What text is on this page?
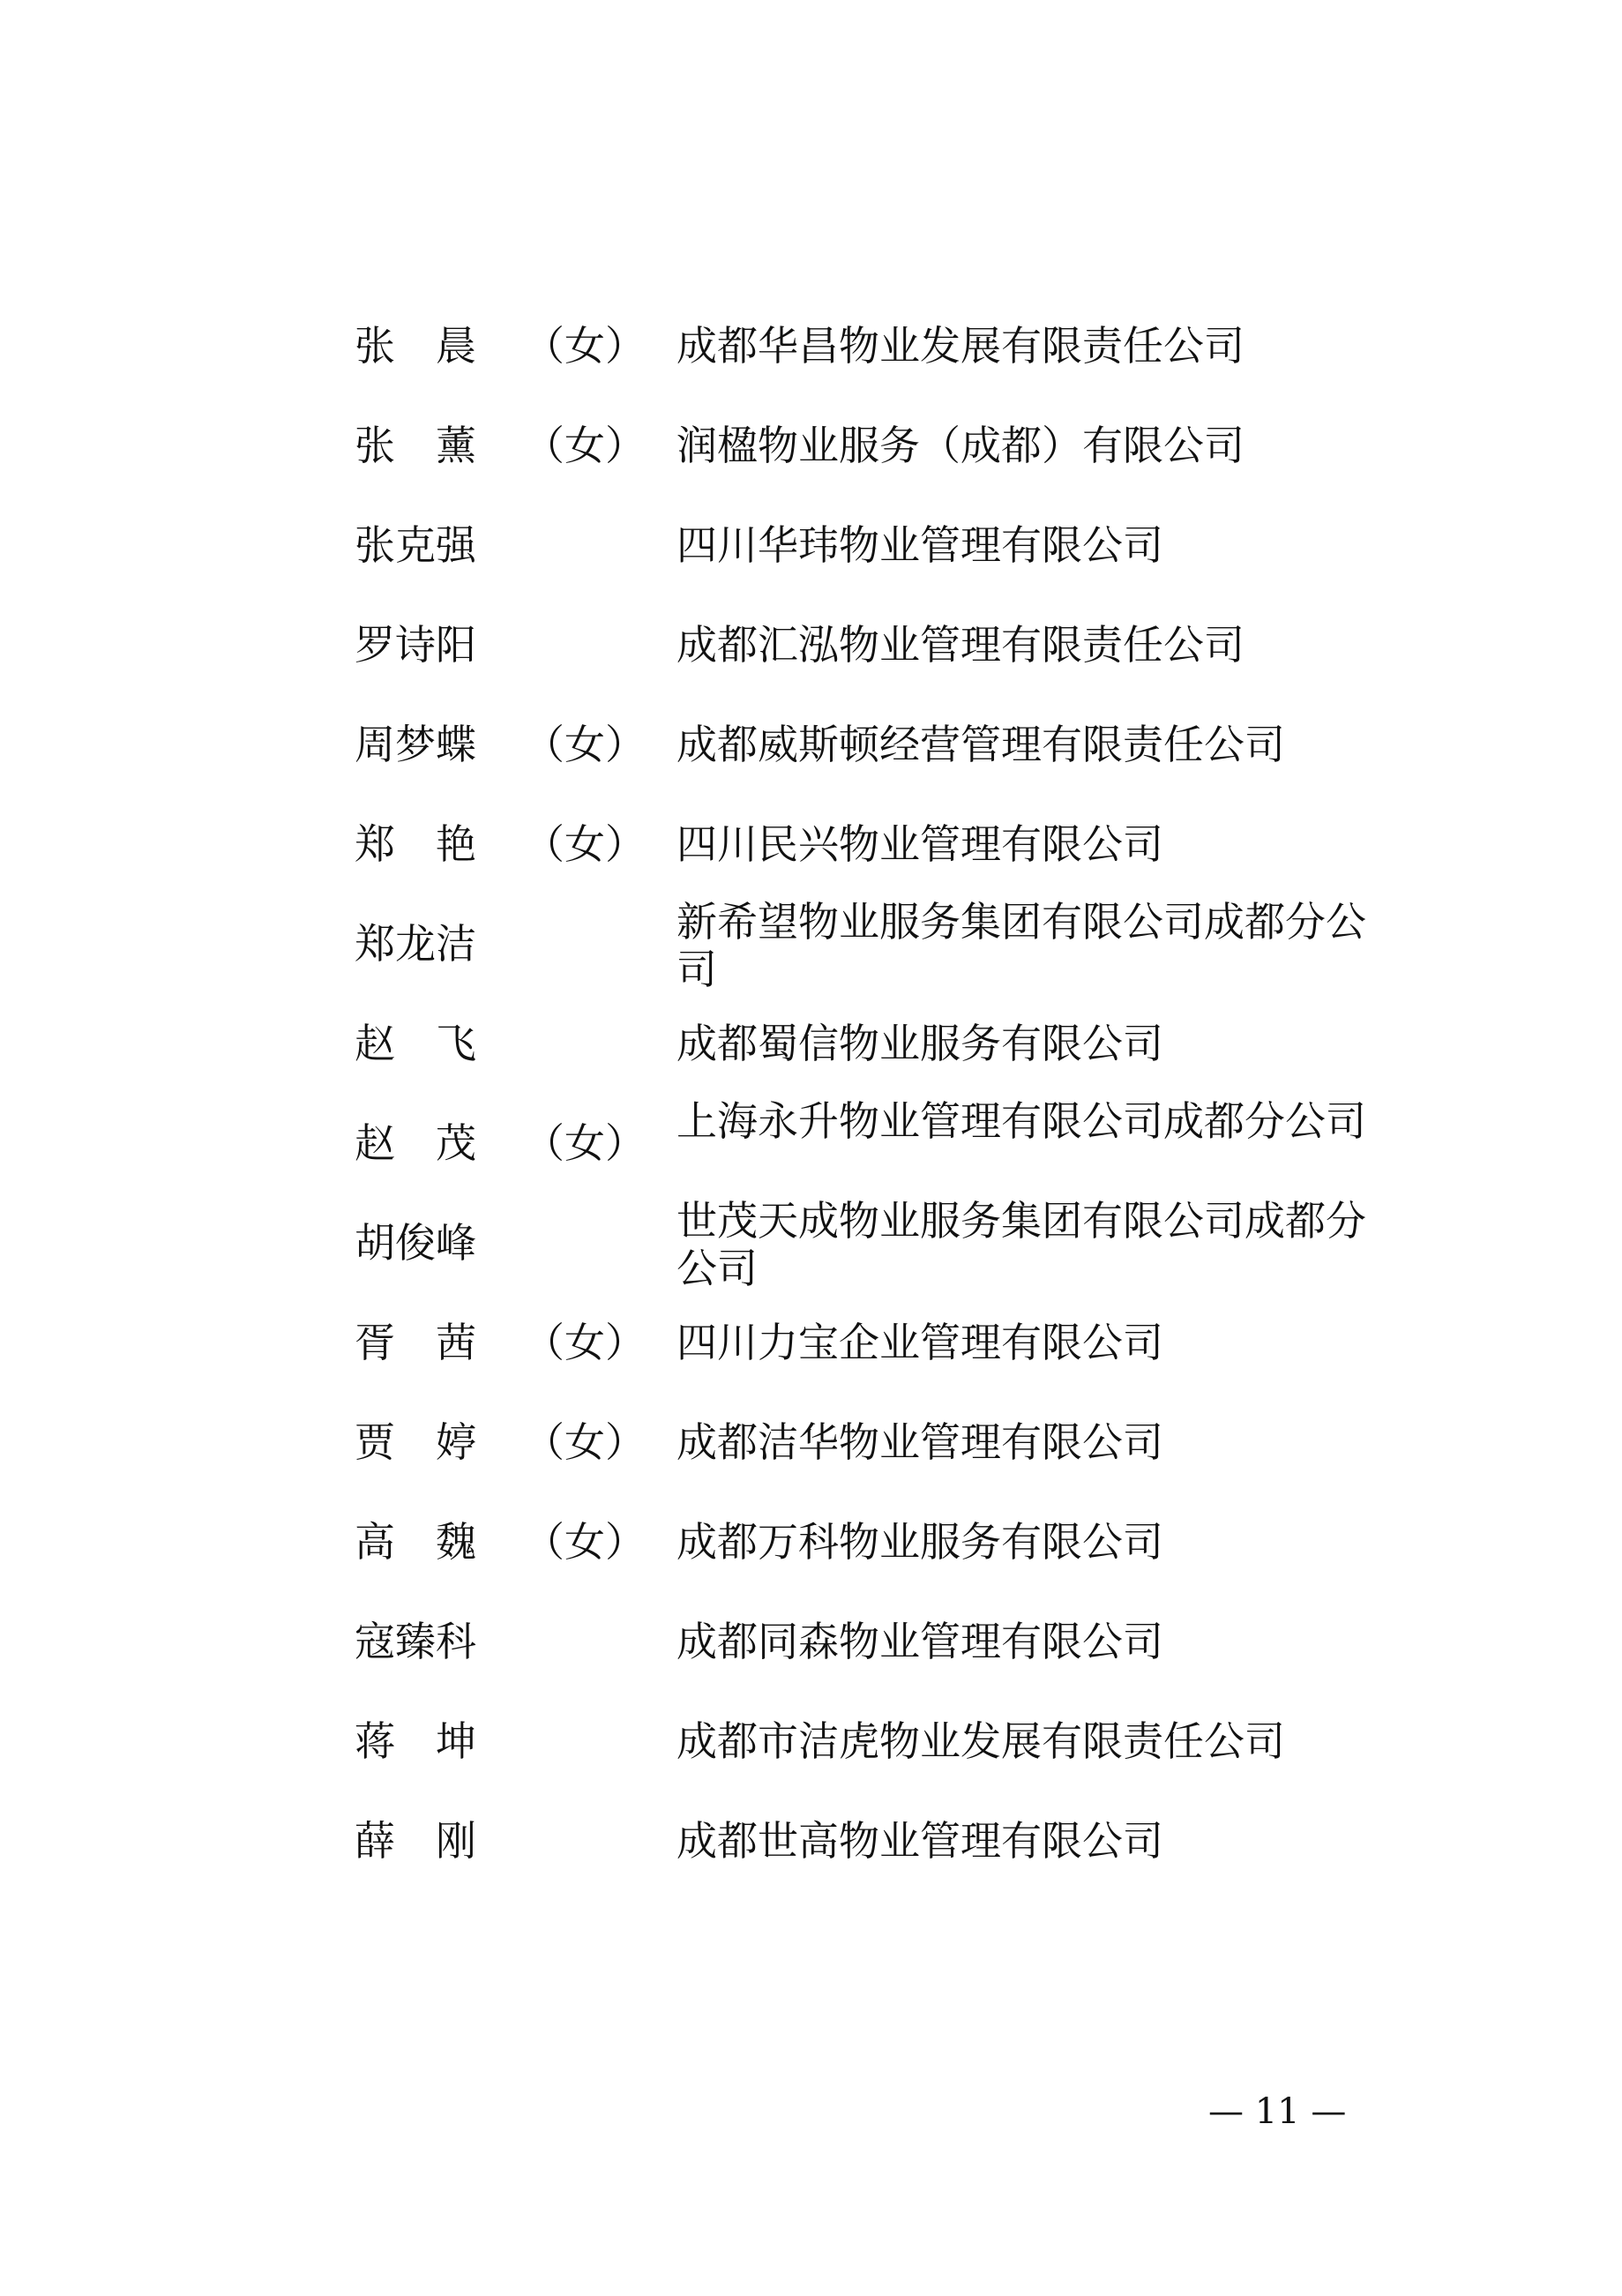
张　晨 （女） 成都华昌物业发展有限责任公司
张　薰 （女） 润楹物业服务（成都）有限公司
张克强	四川华玮物业管理有限公司
罗诗阳	成都汇泓物业管理有限责任公司
周梦蝶 （女） 成都威斯顿经营管理有限责任公司
郑　艳 （女） 四川民兴物业管理有限公司
郑龙洁	新希望物业服务集团有限公司成都分公司
赵　飞	成都蜀信物业服务有限公司
赵　茂 （女） 上海永升物业管理有限公司成都分公司
胡俊峰	世茂天成物业服务集团有限公司成都分公司
胥　茜 （女） 四川力宝企业管理有限公司
贾　婷 （女） 成都洁华物业管理有限公司
高　魏 （女） 成都万科物业服务有限公司
寇臻科	成都同森物业管理有限公司
蒋　坤	成都市洁虎物业发展有限责任公司
薛　刚	成都世高物业管理有限公司
— 11 —
